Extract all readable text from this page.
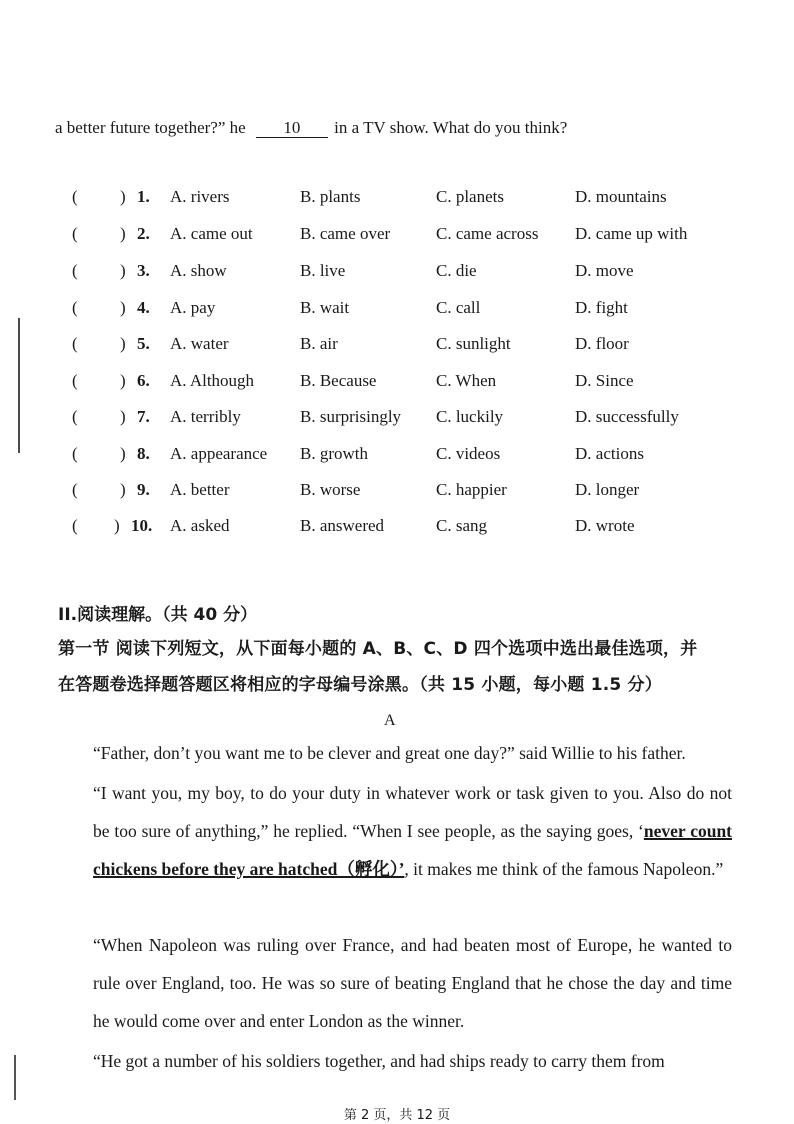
a better future together?” he 10 in a TV show. What do you think?
( ) 1. A. rivers	B. plants	C. planets	D. mountains
( ) 2. A. came out	B. came over	C. came across D. came up with
( ) 3. A. show	B. live	C. die	D. move
( ) 4. A. pay	B. wait	C. call	D. fight
( ) 5. A. water	B. air	C. sunlight	D. floor
( ) 6. A. Although	B. Because	C. When	D. Since
( ) 7. A. terribly	B. surprisingly C. luckily	D. successfully
( ) 8. A. appearance B. growth	C. videos	D. actions
( ) 9. A. better	B. worse	C. happier	D. longer
( ) 10. A. asked	B. answered	C. sang	D. wrote
II.阅读理解。（共 40 分）
第一节 阅读下列短文，从下面每小题的 A、B、C、D 四个选项中选出最佳选项，并
在答题卷选择题答题区将相应的字母编号涂黑。（共 15 小题，每小题 1.5 分）
A
“Father, don’t you want me to be clever and great one day?” said Willie to his father.
“I want you, my boy, to do your duty in whatever work or task given to you. Also do not be too sure of anything,” he replied. “When I see people, as the saying goes, ‘never count chickens before they are hatched（孵化）’, it makes me think of the famous Napoleon.”
“When Napoleon was ruling over France, and had beaten most of Europe, he wanted to rule over England, too. He was so sure of beating England that he chose the day and time he would come over and enter London as the winner.
“He got a number of his soldiers together, and had ships ready to carry them from
第 2 页，共 12 页
